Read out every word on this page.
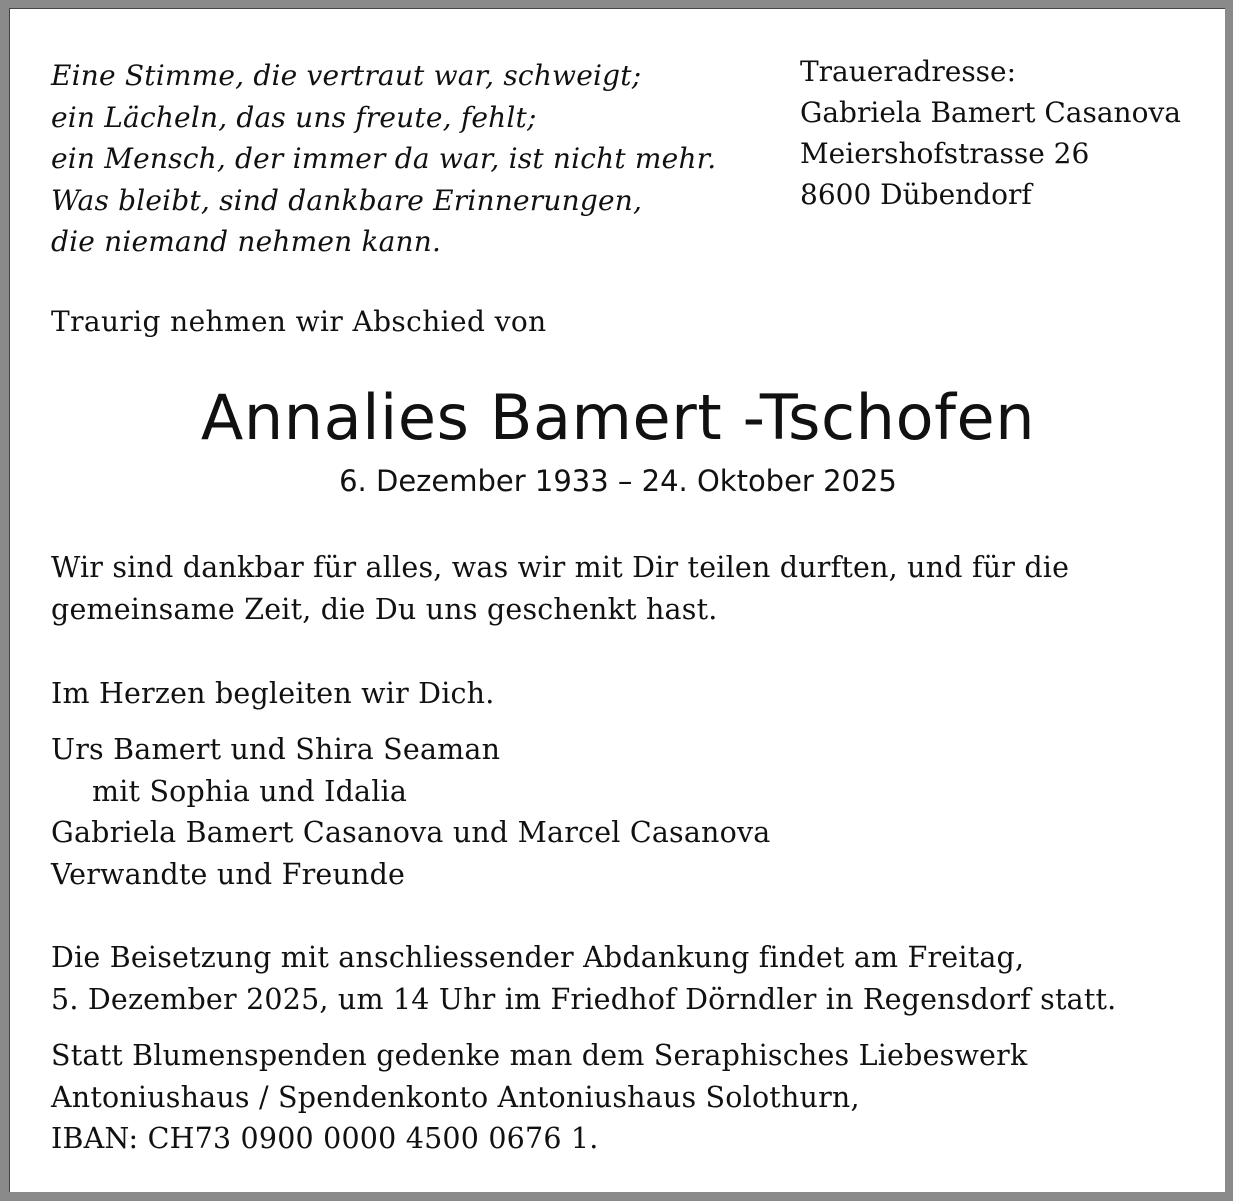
Eine Stimme, die vertraut war, schweigt;
ein Lächeln, das uns freute, fehlt;
ein Mensch, der immer da war, ist nicht mehr.
Was bleibt, sind dankbare Erinnerungen,
die niemand nehmen kann.
Traueradresse:
Gabriela Bamert Casanova
Meiershofstrasse 26
8600 Dübendorf
Traurig nehmen wir Abschied von
Annalies Bamert -Tschofen
6. Dezember 1933 – 24. Oktober 2025
Wir sind dankbar für alles, was wir mit Dir teilen durften, und für die
gemeinsame Zeit, die Du uns geschenkt hast.
Im Herzen begleiten wir Dich.
Urs Bamert und Shira Seaman
mit Sophia und Idalia
Gabriela Bamert Casanova und Marcel Casanova
Verwandte und Freunde
Die Beisetzung mit anschliessender Abdankung findet am Freitag,
5. Dezember 2025, um 14 Uhr im Friedhof Dörndler in Regensdorf statt.
Statt Blumenspenden gedenke man dem Seraphisches Liebeswerk
Antoniushaus / Spendenkonto Antoniushaus Solothurn,
IBAN: CH73 0900 0000 4500 0676 1.
